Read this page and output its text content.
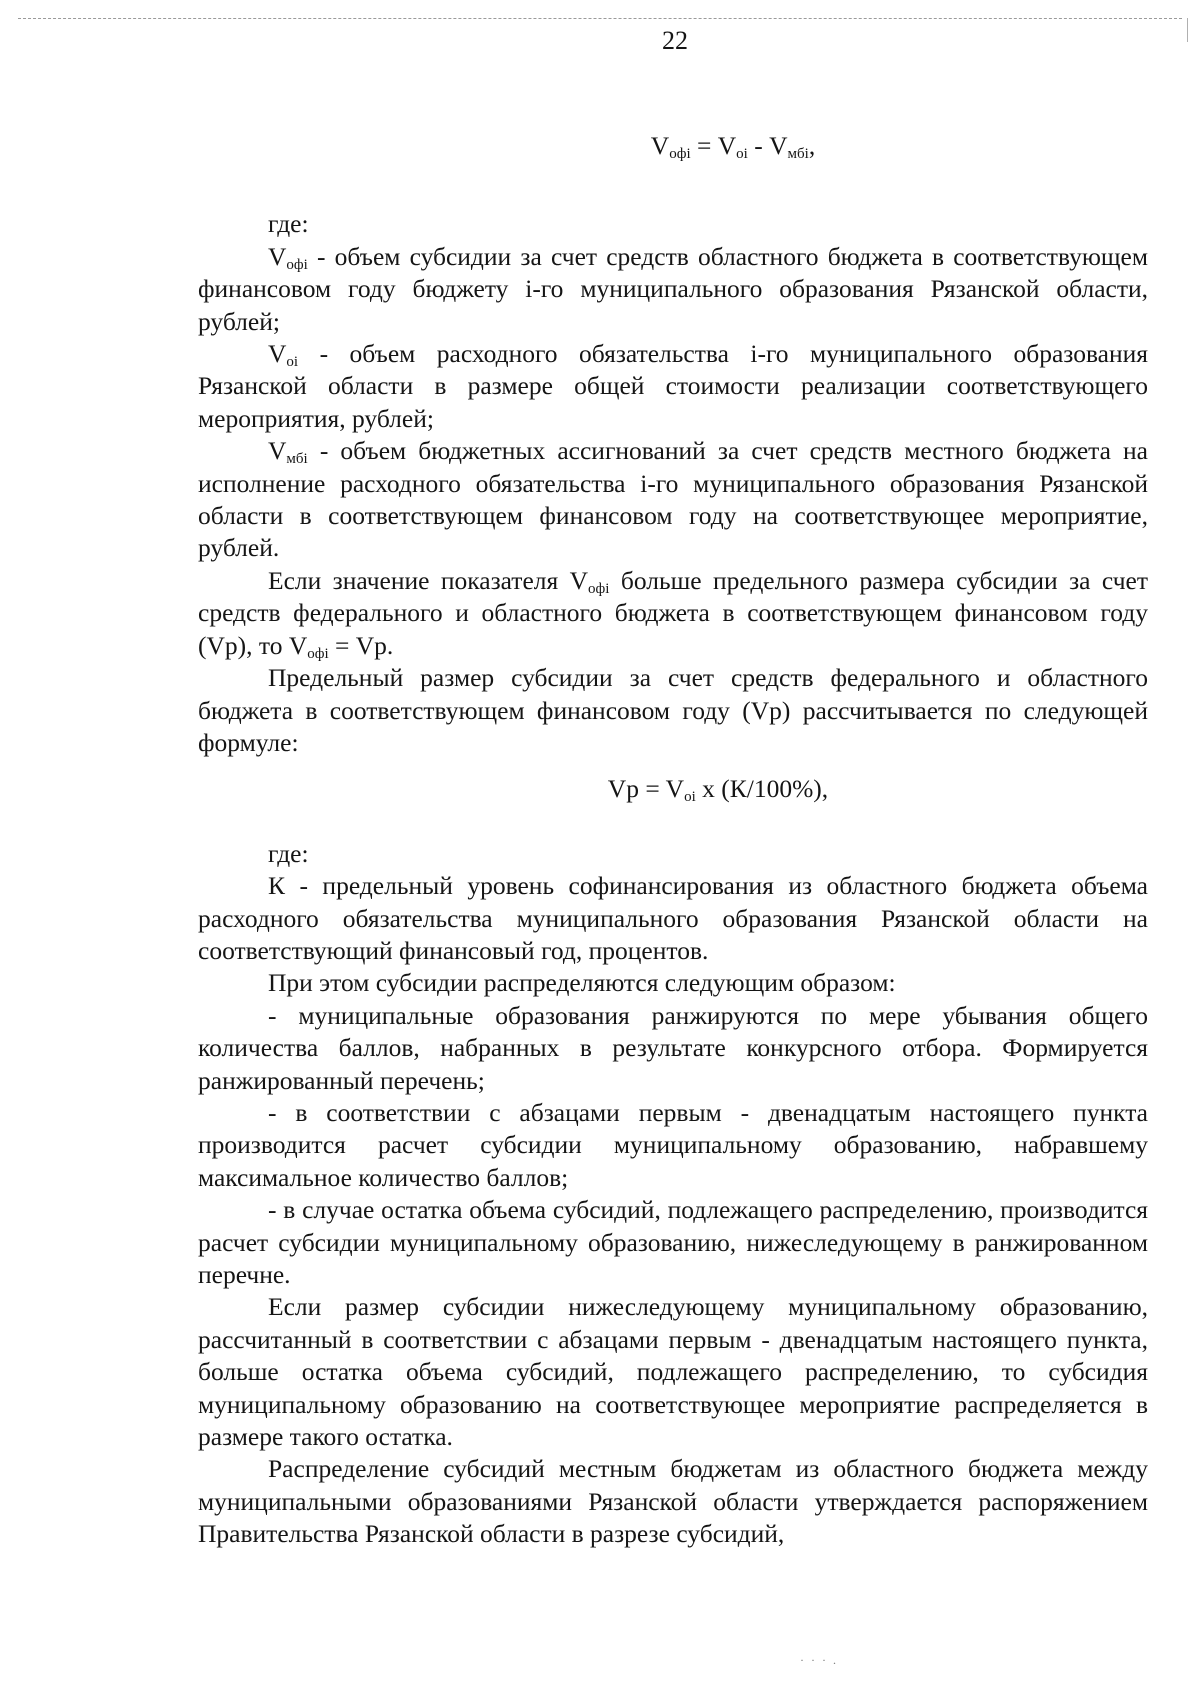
22
$V_{офі} = V_{оі} - V_{мбі}$,
где:

$V_{офі}$ - объем субсидии за счет средств областного бюджета в соответствующем финансовом году бюджету і-го муниципального образования Рязанской области, рублей;

$V_{оі}$ - объем расходного обязательства і-го муниципального образования Рязанской области в размере общей стоимости реализации соответствующего мероприятия, рублей;

$V_{мбі}$ - объем бюджетных ассигнований за счет средств местного бюджета на исполнение расходного обязательства і-го муниципального образования Рязанской области в соответствующем финансовом году на соответствующее мероприятие, рублей.

Если значение показателя $V_{офі}$ больше предельного размера субсидии за счет средств федерального и областного бюджета в соответствующем финансовом году (Vp), то $V_{офі} = Vp$.

Предельный размер субсидии за счет средств федерального и областного бюджета в соответствующем финансовом году (Vp) рассчитывается по следующей формуле:

$Vp = V_{оі}$ x (К/100%),
где:

К - предельный уровень софинансирования из областного бюджета объема расходного обязательства муниципального образования Рязанской области на соответствующий финансовый год, процентов.

При этом субсидии распределяются следующим образом:

- муниципальные образования ранжируются по мере убывания общего количества баллов, набранных в результате конкурсного отбора. Формируется ранжированный перечень;

- в соответствии с абзацами первым - двенадцатым настоящего пункта производится расчет субсидии муниципальному образованию, набравшему максимальное количество баллов;

- в случае остатка объема субсидий, подлежащего распределению, производится расчет субсидии муниципальному образованию, нижеследующему в ранжированном перечне.

Если размер субсидии нижеследующему муниципальному образованию, рассчитанный в соответствии с абзацами первым - двенадцатым настоящего пункта, больше остатка объема субсидий, подлежащего распределению, то субсидия муниципальному образованию на соответствующее мероприятие распределяется в размере такого остатка.

Распределение субсидий местным бюджетам из областного бюджета между муниципальными образованиями Рязанской области утверждается распоряжением Правительства Рязанской области в разрезе субсидий,

· · · .
